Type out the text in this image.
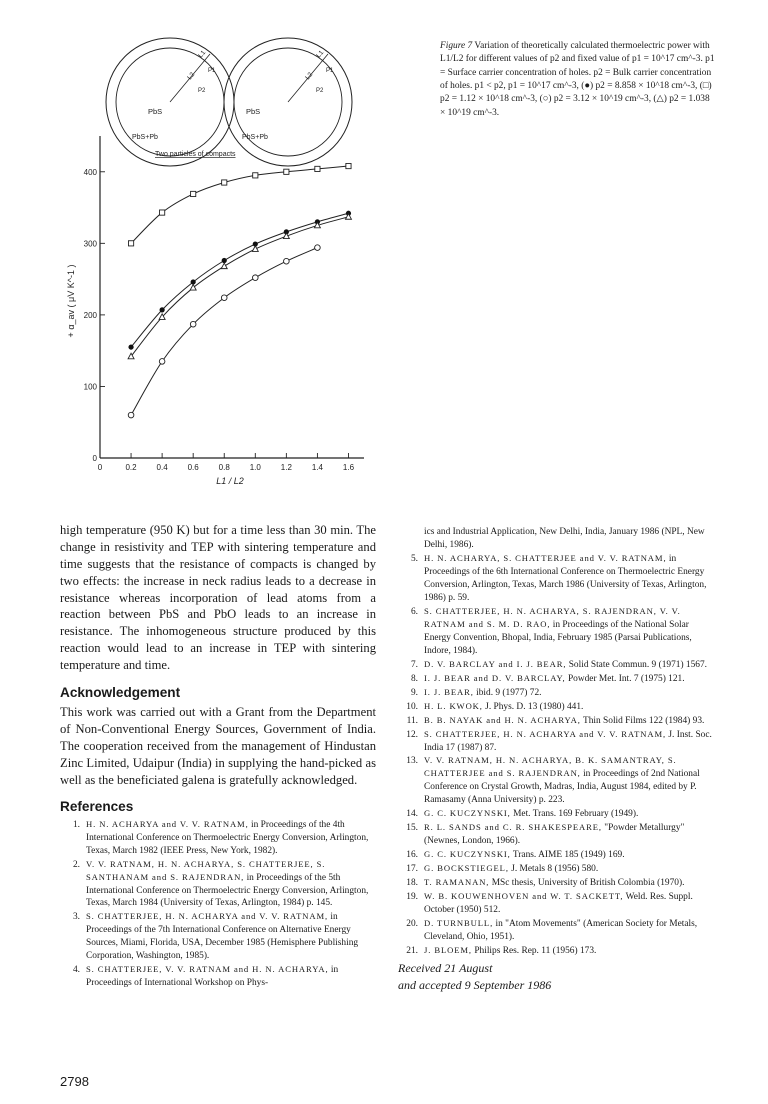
PbS	PbS
PbS+Pb	PbS+Pb
L2
L1
L2
L1
P2
P1
P2
P1
Two particles of compacts
0	0.2 0.4 0.6 0.8 1.0 1.2 1.4 1.6
0
100
200
300
400
L1 / L2
+ α_av ( μV K^-1 )
Figure 7 Variation of theoretically calculated thermoelectric power with L1/L2 for different values of p2 and fixed value of p1 = 10^17 cm^-3. p1 = Surface carrier concentration of holes. p2 = Bulk carrier concentration of holes. p1 < p2, p1 = 10^17 cm^-3, (●) p2 = 8.858 × 10^18 cm^-3, (□) p2 = 1.12 × 10^18 cm^-3, (○) p2 = 3.12 × 10^19 cm^-3, (△) p2 = 1.038 × 10^19 cm^-3.

high temperature (950 K) but for a time less than 30 min. The change in resistivity and TEP with sintering temperature and time suggests that the resistance of compacts is changed by two effects: the increase in neck radius leads to a decrease in resistance whereas incorporation of lead atoms from a reaction between PbS and PbO leads to an increase in resistance. The inhomogeneous structure produced by this reaction would lead to an increase in TEP with sintering temperature and time.

Acknowledgement

This work was carried out with a Grant from the Department of Non-Conventional Energy Sources, Government of India. The cooperation received from the management of Hindustan Zinc Limited, Udaipur (India) in supplying the hand-picked as well as the beneficiated galena is gratefully acknowledged.

References
1. H. N. ACHARYA and V. V. RATNAM, in Proceedings of the 4th International Conference on Thermoelectric Energy Conversion, Arlington, Texas, March 1982 (IEEE Press, New York, 1982).
2. V. V. RATNAM, H. N. ACHARYA, S. CHATTERJEE, S. SANTHANAM and S. RAJENDRAN, in Proceedings of the 5th International Conference on Thermoelectric Energy Conversion, Arlington, Texas, March 1984 (University of Texas, Arlington, 1984) p. 145.
3. S. CHATTERJEE, H. N. ACHARYA and V. V. RATNAM, in Proceedings of the 7th International Conference on Alternative Energy Sources, Miami, Florida, USA, December 1985 (Hemisphere Publishing Corporation, Washington, 1985).
4. S. CHATTERJEE, V. V. RATNAM and H. N. ACHARYA, in Proceedings of International Workshop on Phys-
ics and Industrial Application, New Delhi, India, January 1986 (NPL, New Delhi, 1986).
5. H. N. ACHARYA, S. CHATTERJEE and V. V. RATNAM, in Proceedings of the 6th International Conference on Thermoelectric Energy Conversion, Arlington, Texas, March 1986 (University of Texas, Arlington, 1986) p. 59.
6. S. CHATTERJEE, H. N. ACHARYA, S. RAJENDRAN, V. V. RATNAM and S. M. D. RAO, in Proceedings of the National Solar Energy Convention, Bhopal, India, February 1985 (Parsai Publications, Indore, 1984).
7. D. V. BARCLAY and I. J. BEAR, Solid State Commun. 9 (1971) 1567.
8. I. J. BEAR and D. V. BARCLAY, Powder Met. Int. 7 (1975) 121.
9. I. J. BEAR, ibid. 9 (1977) 72.
10. H. L. KWOK, J. Phys. D. 13 (1980) 441.
11. B. B. NAYAK and H. N. ACHARYA, Thin Solid Films 122 (1984) 93.
12. S. CHATTERJEE, H. N. ACHARYA and V. V. RATNAM, J. Inst. Soc. India 17 (1987) 87.
13. V. V. RATNAM, H. N. ACHARYA, B. K. SAMANTRAY, S. CHATTERJEE and S. RAJENDRAN, in Proceedings of 2nd National Conference on Crystal Growth, Madras, India, August 1984, edited by P. Ramasamy (Anna University) p. 223.
14. G. C. KUCZYNSKI, Met. Trans. 169 February (1949).
15. R. L. SANDS and C. R. SHAKESPEARE, "Powder Metallurgy" (Newnes, London, 1966).
16. G. C. KUCZYNSKI, Trans. AIME 185 (1949) 169.
17. G. BOCKSTIEGEL, J. Metals 8 (1956) 580.
18. T. RAMANAN, MSc thesis, University of British Colombia (1970).
19. W. B. KOUWENHOVEN and W. T. SACKETT, Weld. Res. Suppl. October (1950) 512.
20. D. TURNBULL, in "Atom Movements" (American Society for Metals, Cleveland, Ohio, 1951).
21. J. BLOEM, Philips Res. Rep. 11 (1956) 173.
Received 21 August
and accepted 9 September 1986
2798
